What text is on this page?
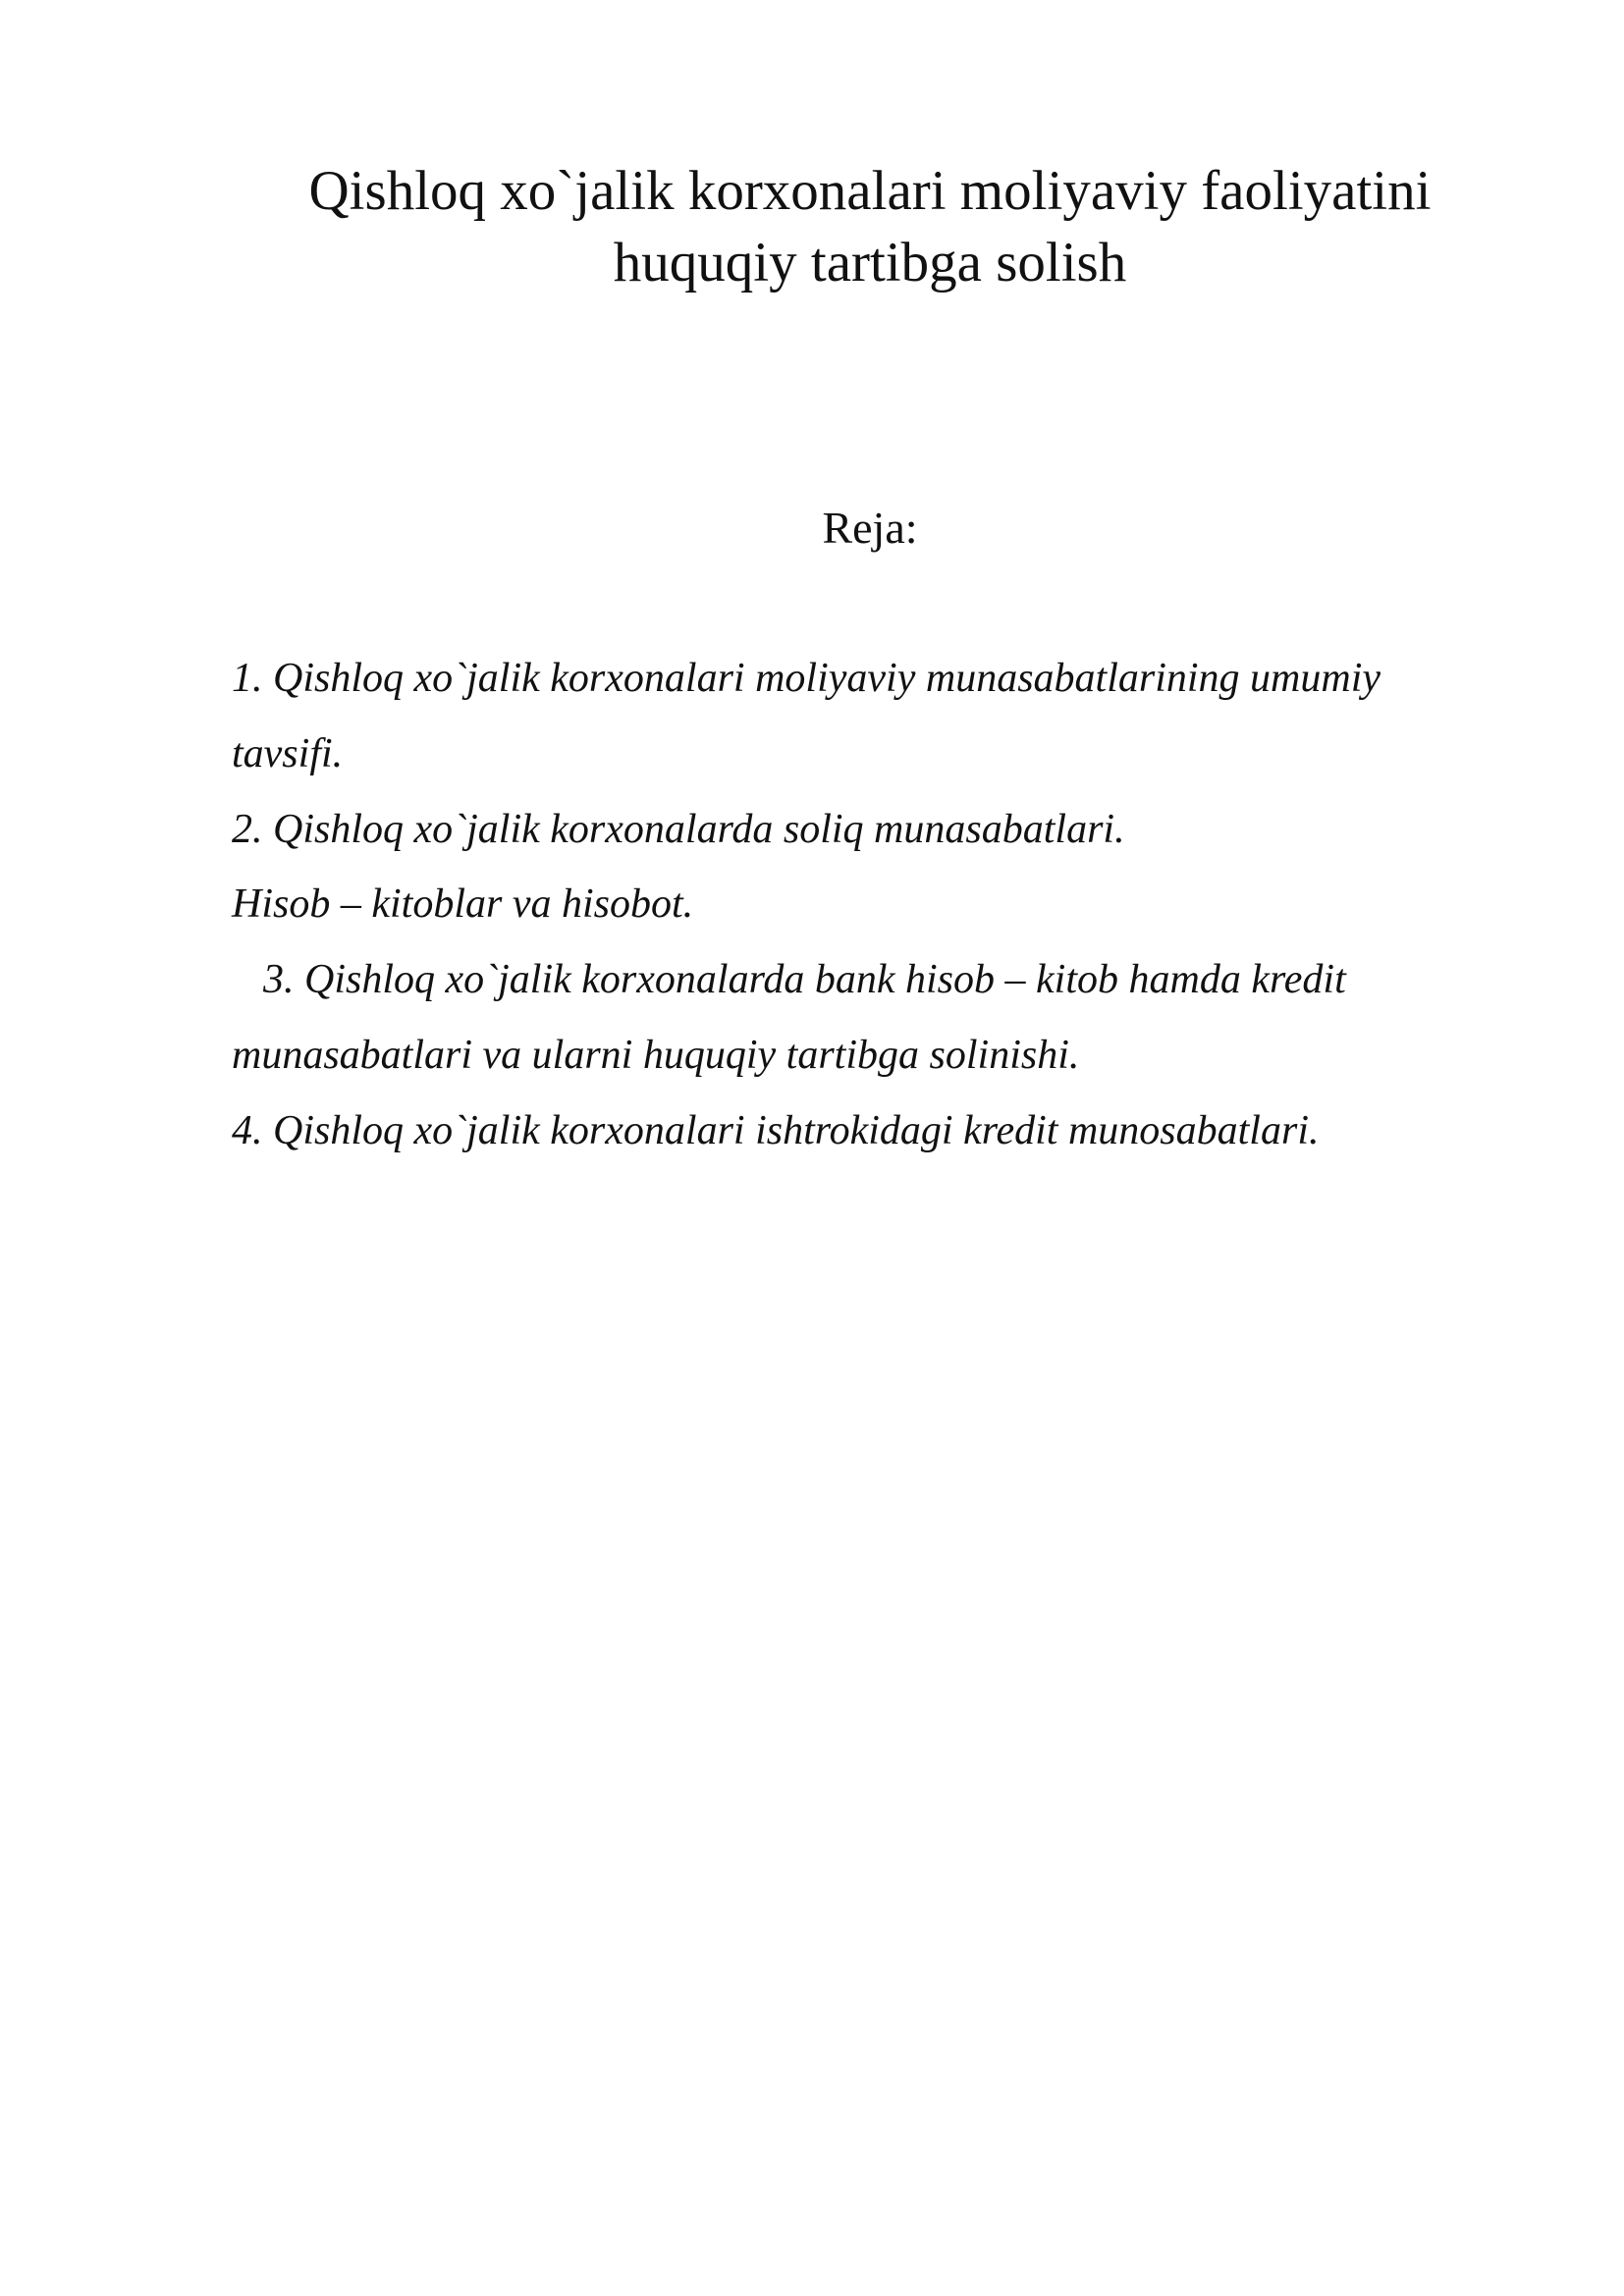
Qishloq xo`jalik korxonalari moliyaviy faoliyatini
huquqiy tartibga solish
Reja:
1. Qishloq xo`jalik korxonalari moliyaviy munasabatlarining umumiy
tavsifi.
2. Qishloq xo`jalik korxonalarda soliq munasabatlari.
Hisob – kitoblar va hisobot.
3. Qishloq xo`jalik korxonalarda bank hisob – kitob hamda kredit
munasabatlari va ularni huquqiy tartibga solinishi.
4. Qishloq xo`jalik korxonalari ishtrokidagi kredit munosabatlari.
